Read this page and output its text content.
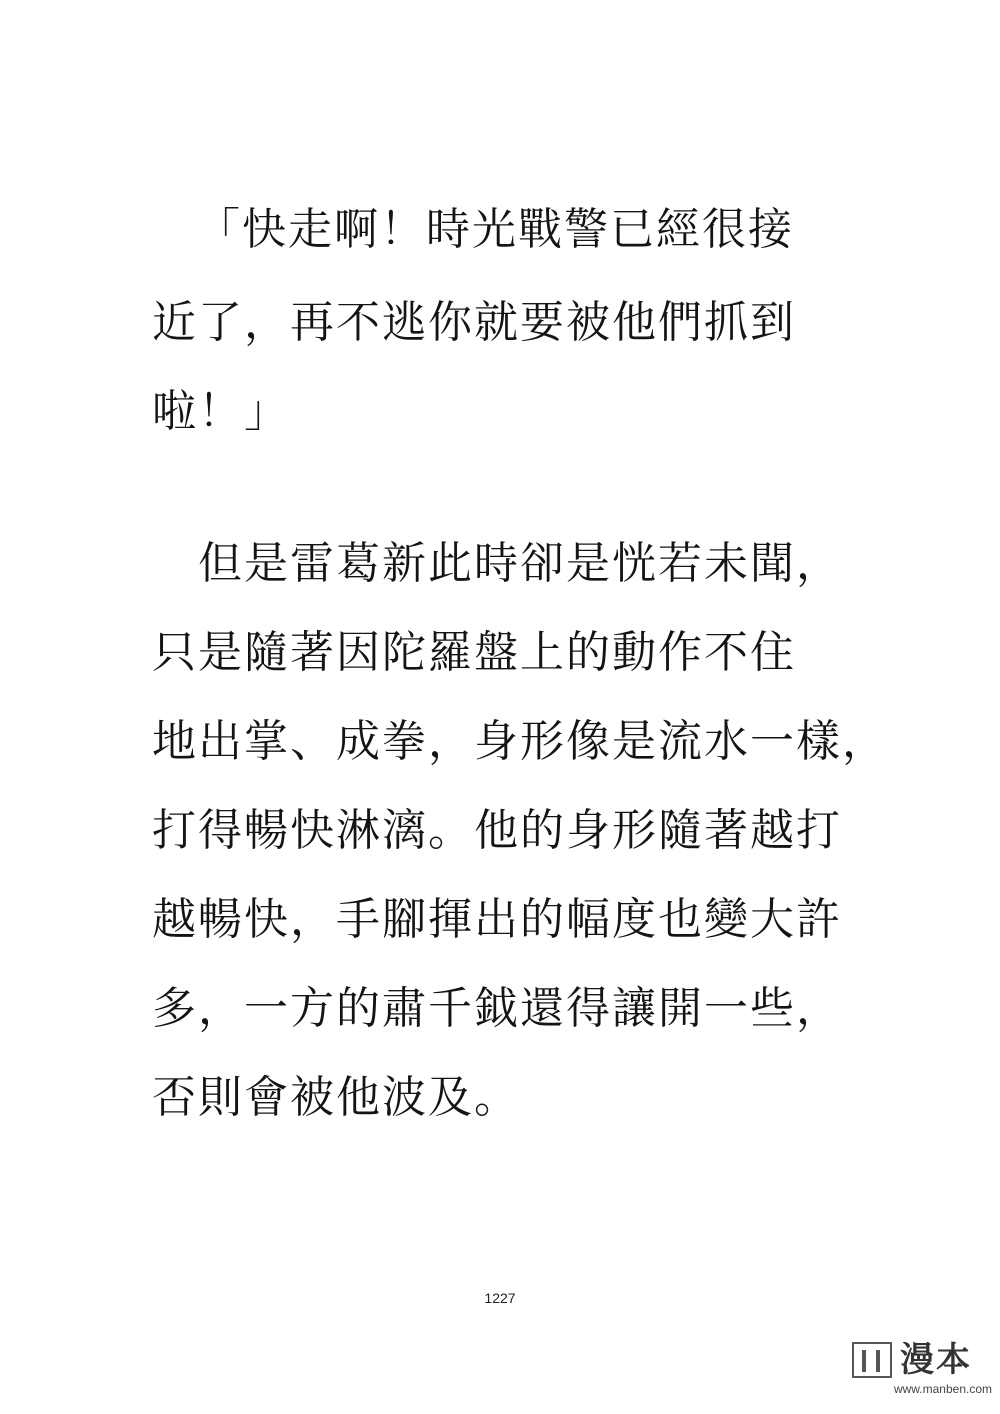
「快走啊！時光戰警已經很接
近了，再不逃你就要被他們抓到
啦！」
　但是雷葛新此時卻是恍若未聞，
只是隨著因陀羅盤上的動作不住
地出掌、成拳，身形像是流水一樣，
打得暢快淋漓。他的身形隨著越打
越暢快，手腳揮出的幅度也變大許
多，一方的肅千鉞還得讓開一些，
否則會被他波及。
1227
漫本
www.manben.com
